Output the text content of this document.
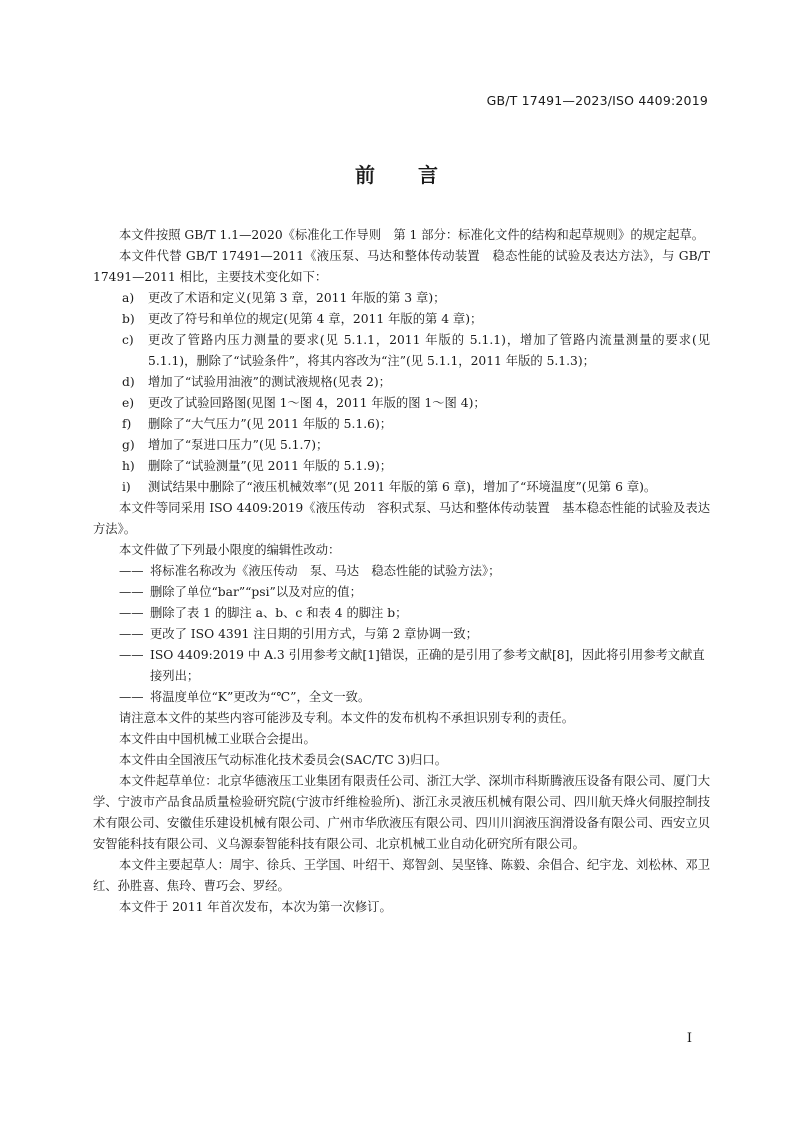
GB/T 17491—2023/ISO 4409:2019
前　　言

本文件按照 GB/T 1.1—2020《标准化工作导则　第 1 部分：标准化文件的结构和起草规则》的规定起草。

本文件代替 GB/T 17491—2011《液压泵、马达和整体传动装置　稳态性能的试验及表达方法》，与 GB/T 17491—2011 相比，主要技术变化如下：

a) 更改了术语和定义(见第 3 章，2011 年版的第 3 章)；

b) 更改了符号和单位的规定(见第 4 章，2011 年版的第 4 章)；

c) 更改了管路内压力测量的要求(见 5.1.1，2011 年版的 5.1.1)，增加了管路内流量测量的要求(见 5.1.1)，删除了“试验条件”，将其内容改为“注”(见 5.1.1，2011 年版的 5.1.3)；

d) 增加了“试验用油液”的测试液规格(见表 2)；

e) 更改了试验回路图(见图 1～图 4，2011 年版的图 1～图 4)；

f) 删除了“大气压力”(见 2011 年版的 5.1.6)；

g) 增加了“泵进口压力”(见 5.1.7)；

h) 删除了“试验测量”(见 2011 年版的 5.1.9)；

i) 测试结果中删除了“液压机械效率”(见 2011 年版的第 6 章)，增加了“环境温度”(见第 6 章)。

本文件等同采用 ISO 4409:2019《液压传动　容积式泵、马达和整体传动装置　基本稳态性能的试验及表达方法》。

本文件做了下列最小限度的编辑性改动：

—— 将标准名称改为《液压传动　泵、马达　稳态性能的试验方法》；

—— 删除了单位“bar”“psi”以及对应的值；

—— 删除了表 1 的脚注 a、b、c 和表 4 的脚注 b；

—— 更改了 ISO 4391 注日期的引用方式，与第 2 章协调一致；

—— ISO 4409:2019 中 A.3 引用参考文献[1]错误，正确的是引用了参考文献[8]，因此将引用参考文献直接列出；

—— 将温度单位“K”更改为“℃”，全文一致。

请注意本文件的某些内容可能涉及专利。本文件的发布机构不承担识别专利的责任。

本文件由中国机械工业联合会提出。

本文件由全国液压气动标准化技术委员会(SAC/TC 3)归口。

本文件起草单位：北京华德液压工业集团有限责任公司、浙江大学、深圳市科斯腾液压设备有限公司、厦门大学、宁波市产品食品质量检验研究院(宁波市纤维检验所)、浙江永灵液压机械有限公司、四川航天烽火伺服控制技术有限公司、安徽佳乐建设机械有限公司、广州市华欣液压有限公司、四川川润液压润滑设备有限公司、西安立贝安智能科技有限公司、义乌源泰智能科技有限公司、北京机械工业自动化研究所有限公司。

本文件主要起草人：周宇、徐兵、王学国、叶绍干、郑智剑、吴坚锋、陈毅、余倡合、纪宇龙、刘松林、邓卫红、孙胜喜、焦玲、曹巧会、罗经。

本文件于 2011 年首次发布，本次为第一次修订。

I
